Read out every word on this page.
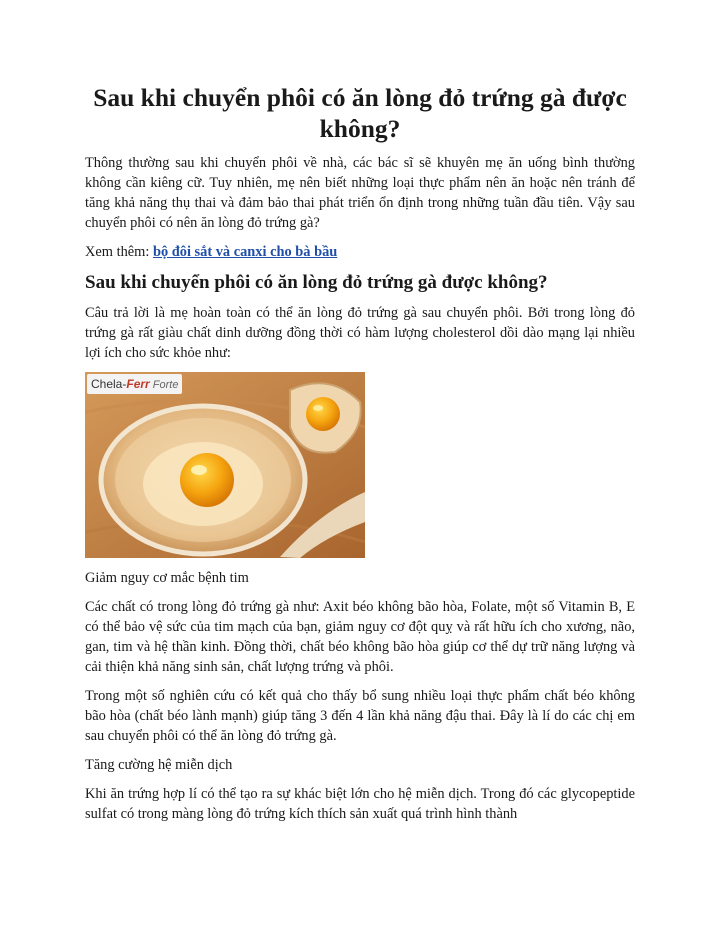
Sau khi chuyển phôi có ăn lòng đỏ trứng gà được không?

Thông thường sau khi chuyển phôi về nhà, các bác sĩ sẽ khuyên mẹ ăn uống bình thường không cần kiêng cữ. Tuy nhiên, mẹ nên biết những loại thực phẩm nên ăn hoặc nên tránh để tăng khả năng thụ thai và đảm bảo thai phát triển ổn định trong những tuần đầu tiên. Vậy sau chuyển phôi có nên ăn lòng đỏ trứng gà?

Xem thêm: bộ đôi sắt và canxi cho bà bầu

Sau khi chuyển phôi có ăn lòng đỏ trứng gà được không?

Câu trả lời là mẹ hoàn toàn có thể ăn lòng đỏ trứng gà sau chuyển phôi. Bởi trong lòng đỏ trứng gà rất giàu chất dinh dưỡng đồng thời có hàm lượng cholesterol dồi dào mạng lại nhiều lợi ích cho sức khỏe như:

Chela-Ferr Forte

Giảm nguy cơ mắc bệnh tim

Các chất có trong lòng đỏ trứng gà như: Axit béo không bão hòa, Folate, một số Vitamin B, E có thể bảo vệ sức của tim mạch của bạn, giảm nguy cơ đột quỵ và rất hữu ích cho xương, não, gan, tim và hệ thần kinh. Đồng thời, chất béo không bão hòa giúp cơ thể dự trữ năng lượng và cải thiện khả năng sinh sản, chất lượng trứng và phôi.

Trong một số nghiên cứu có kết quả cho thấy bổ sung nhiều loại thực phẩm chất béo không bão hòa (chất béo lành mạnh) giúp tăng 3 đến 4 lần khả năng đậu thai. Đây là lí do các chị em sau chuyển phôi có thể ăn lòng đỏ trứng gà.

Tăng cường hệ miễn dịch

Khi ăn trứng hợp lí có thể tạo ra sự khác biệt lớn cho hệ miễn dịch. Trong đó các glycopeptide sulfat có trong màng lòng đỏ trứng kích thích sản xuất quá trình hình thành
